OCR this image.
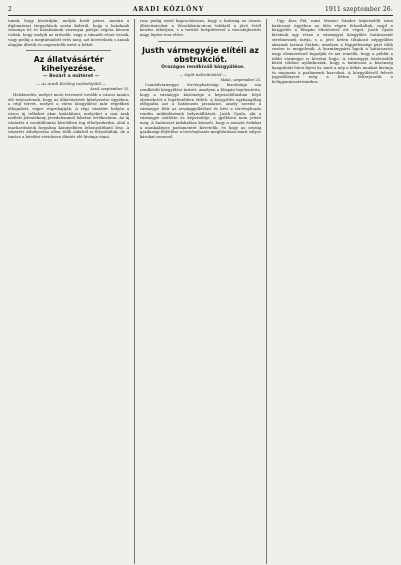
2	ARADI KÖZLÖNY	1911 szeptember 26.

tanak, hogy közérdjiin, melyik fordí pénzt. Azután a diplomáciai tárgyalások során kiderül, hogy a hatalmak viszonya itt és hatalmának viszonyai pártjai régóta készen voltak, hogy melyik az erősebb, vagy a támadó részt veszik, vagy pedig a megtámadott erős meg, azt követelnek s annak alapján ültetik és engesztelik ezért a békét.

Az állatvásártér kihelyezése.

— Bezárt a műtéret —

— Az Aradi Közlöny tudósítójától —

Arad, szeptember 25.

Hetikezelés, melyet most tervezett tovább a városi tanács elé terjesztenek, hogy az állatvásártér kihelyezése ügyében, a régi tervet, melyet a város közgyűlése már régebben elfogadott, végre végrehajtják. A régi vásártér helyén a város új telkeket akar kialakítani, melyeket a mai árak mellett jelentékeny jövedelemmel lehetne értékesíteni. Az új vásártér a vasútállomás közelében fog elhelyezkedni, ahol a marhavásárok forgalma könnyebben lebonyolítható lesz. A vásártér áthelyezése ellen több oldalról is felszólaltak, de a tanács a kérdést rövidesen döntés elé kívánja vinni.

rosz pedig ezzel kapcsolatosan, hogy a hatóság az összes állatvásárokat a Wenckheim-utcai telekről a jövő évtől kezdve áthelyezi, s a terület beépítésével a városfejlesztés nagy lépést tesz előre.

Justh vármegyéje elítéli az obstrukciót.

Országos rendkívüli közgyűlése.

— Saját tudósítónktól —

Makó, szeptember 25.

Csanádvármegye törvényhatósági bizottsága ma rendkívüli közgyűlést tartott, amelyen a főispán bejelentette, hogy a vármegye közönsége a képviselőházban folyó obstrukciót a legélesebben elítéli. A közgyűlés egyhangúlag elfogadta azt a határozati javaslatot, amely szerint a vármegye felír az országgyűléshez és kéri a törvényhozás rendes működésének helyreállítását. Justh Gyula, aki a vármegye szülötte és képviselője, a gyűlésen nem jelent meg. A határozat indokolása kiemeli, hogy a nemzet érdekei a munkaképes parlamentet követelik, és hogy az ország gazdasági fejlődése a törvényhozás megbénítása miatt súlyos károkat szenved.

Ugy Kiss Pál, mint Mezzei Sándor képviselők ezen határozat ügyében az ülés végén felszólaltak, majd a közgyűlés a főispán éltetésével ért véget. Justh Gyula híveinek egy része a vármegyei közgyűlés határozatát sérelmesnek tartja, s a jövő héten tiltakozó népgyűlést akarnak tartani Makón, amelyen a függetlenségi párt több vezére is megjelenik. A kormánypárti lapok a határozatot nagy elismeréssel fogadják és azt remélik, hogy a példát a többi vármegye is követni fogja. A vármegyei tisztviselők közül többen nyilatkoztak, hogy a határozat a közönség hangulatát hűen fejezi ki, mert a nép a békés munkát kívánja és megunta a parlamenti harcokat. A közgyűlésről felvett jegyzőkönyvet még a héten felterjesztik a belügyminisztériumhoz.
